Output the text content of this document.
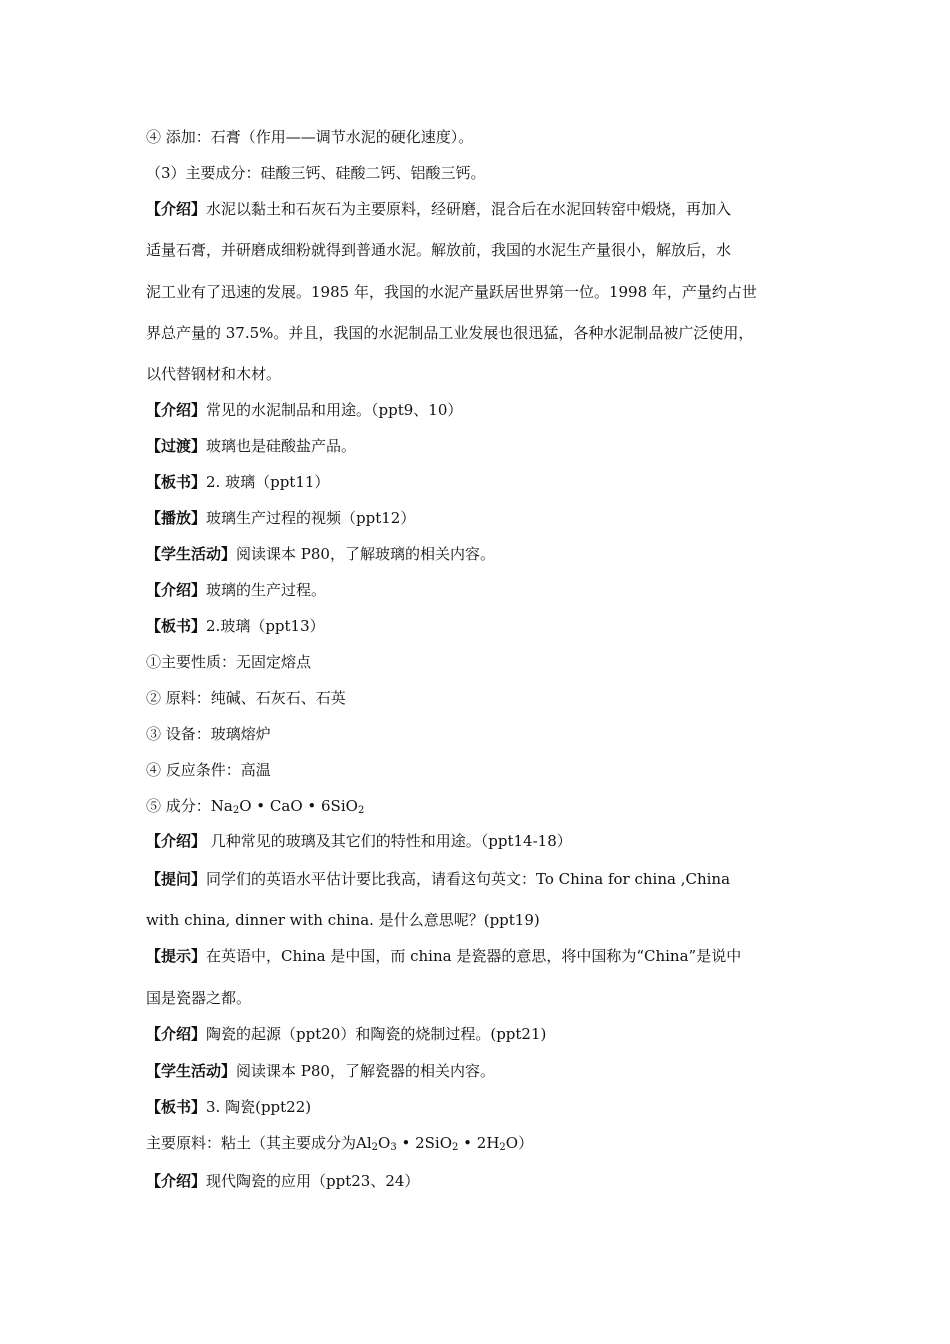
④ 添加：石膏（作用——调节水泥的硬化速度）。
（3）主要成分：硅酸三钙、硅酸二钙、铝酸三钙。
【介绍】水泥以黏土和石灰石为主要原料，经研磨，混合后在水泥回转窑中煅烧，再加入
适量石膏，并研磨成细粉就得到普通水泥。解放前，我国的水泥生产量很小，解放后，水
泥工业有了迅速的发展。1985 年，我国的水泥产量跃居世界第一位。1998 年，产量约占世
界总产量的 37.5%。并且，我国的水泥制品工业发展也很迅猛，各种水泥制品被广泛使用，
以代替钢材和木材。
【介绍】常见的水泥制品和用途。（ppt9、10）
【过渡】玻璃也是硅酸盐产品。
【板书】2. 玻璃（ppt11）
【播放】玻璃生产过程的视频（ppt12）
【学生活动】阅读课本 P80，了解玻璃的相关内容。
【介绍】玻璃的生产过程。
【板书】2.玻璃（ppt13）
①主要性质：无固定熔点
② 原料：纯碱、石灰石、石英
③ 设备：玻璃熔炉
④ 反应条件：高温
⑤ 成分：$Na_2O$ • CaO • 6SiO$_2$
【介绍】 几种常见的玻璃及其它们的特性和用途。（ppt14-18）
【提问】同学们的英语水平估计要比我高，请看这句英文：To China for china ,China
with china, dinner with china. 是什么意思呢？(ppt19)
【提示】在英语中，China 是中国，而 china 是瓷器的意思，将中国称为“China”是说中
国是瓷器之都。
【介绍】陶瓷的起源（ppt20）和陶瓷的烧制过程。(ppt21)
【学生活动】阅读课本 P80，了解瓷器的相关内容。
【板书】3. 陶瓷(ppt22)
主要原料：粘土（其主要成分为$Al_2O_3$ • 2SiO$_2$ • $2H_2O$）
【介绍】现代陶瓷的应用（ppt23、24）
